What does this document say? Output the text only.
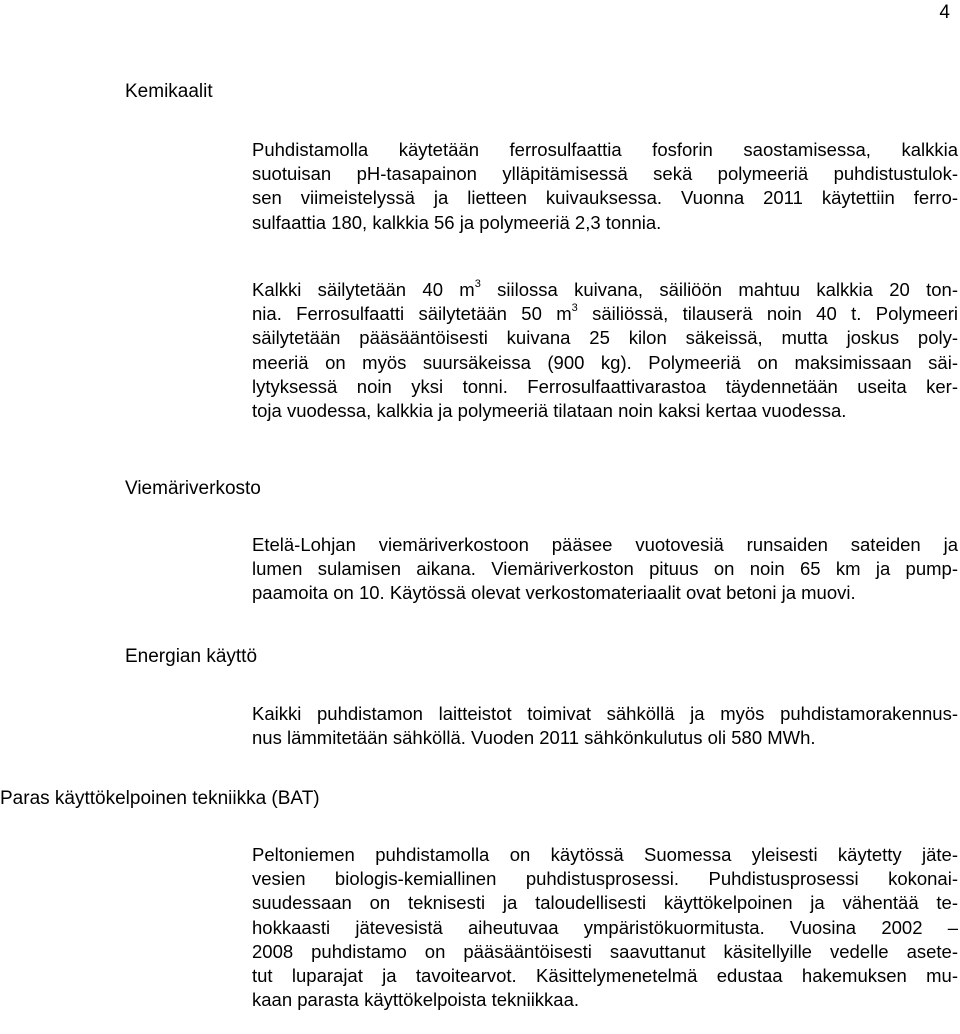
4
Kemikaalit
Puhdistamolla käytetään ferrosulfaattia fosforin saostamisessa, kalkkia
suotuisan pH-tasapainon ylläpitämisessä sekä polymeeriä puhdistustulok-
sen viimeistelyssä ja lietteen kuivauksessa. Vuonna 2011 käytettiin ferro-
sulfaattia 180, kalkkia 56 ja polymeeriä 2,3 tonnia.
Kalkki säilytetään 40 $m^3$ siilossa kuivana, säiliöön mahtuu kalkkia 20 ton-
nia. Ferrosulfaatti säilytetään 50 $m^3$ säiliössä, tilauserä noin 40 t. Polymeeri
säilytetään pääsääntöisesti kuivana 25 kilon säkeissä, mutta joskus poly-
meeriä on myös suursäkeissa (900 kg). Polymeeriä on maksimissaan säi-
lytyksessä noin yksi tonni. Ferrosulfaattivarastoa täydennetään useita ker-
toja vuodessa, kalkkia ja polymeeriä tilataan noin kaksi kertaa vuodessa.
Viemäriverkosto
Etelä-Lohjan viemäriverkostoon pääsee vuotovesiä runsaiden sateiden ja
lumen sulamisen aikana. Viemäriverkoston pituus on noin 65 km ja pump-
paamoita on 10. Käytössä olevat verkostomateriaalit ovat betoni ja muovi.
Energian käyttö
Kaikki puhdistamon laitteistot toimivat sähköllä ja myös puhdistamorakennus-
nus lämmitetään sähköllä. Vuoden 2011 sähkönkulutus oli 580 MWh.
Paras käyttökelpoinen tekniikka (BAT)
Peltoniemen puhdistamolla on käytössä Suomessa yleisesti käytetty jäte-
vesien biologis-kemiallinen puhdistusprosessi. Puhdistusprosessi kokonai-
suudessaan on teknisesti ja taloudellisesti käyttökelpoinen ja vähentää te-
hokkaasti jätevesistä aiheutuvaa ympäristökuormitusta. Vuosina 2002 –
2008 puhdistamo on pääsääntöisesti saavuttanut käsitellyille vedelle asete-
tut luparajat ja tavoitearvot. Käsittelymenetelmä edustaa hakemuksen mu-
kaan parasta käyttökelpoista tekniikkaa.
